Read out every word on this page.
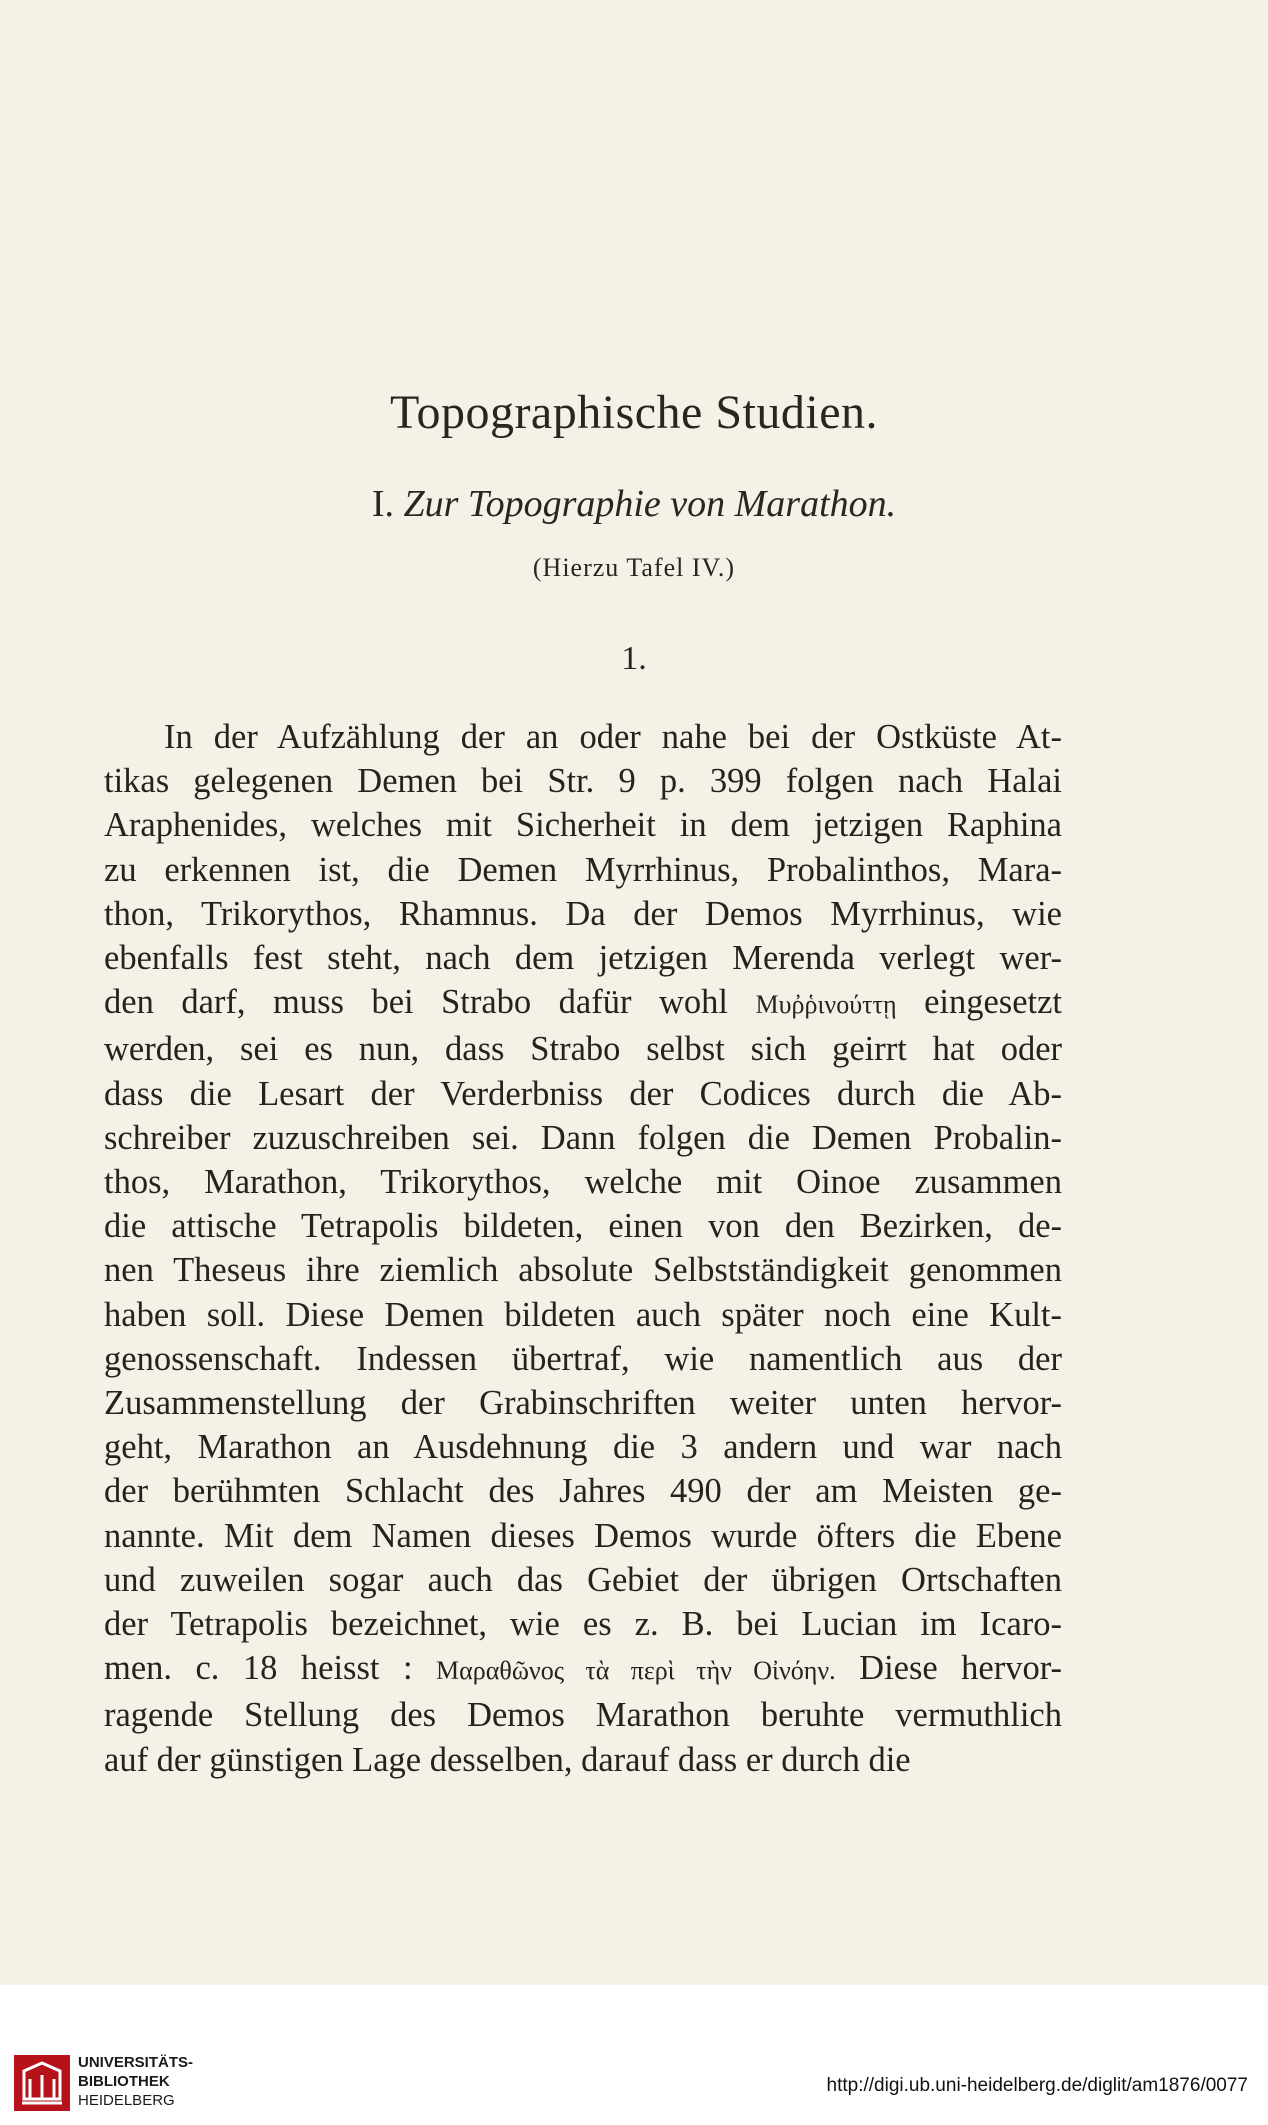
Topographische Studien.
I. Zur Topographie von Marathon.
(Hierzu Tafel IV.)
1.
In der Aufzählung der an oder nahe bei der Ostküste At-
tikas gelegenen Demen bei Str. 9 p. 399 folgen nach Halai
Araphenides, welches mit Sicherheit in dem jetzigen Raphina
zu erkennen ist, die Demen Myrrhinus, Probalinthos, Mara-
thon, Trikorythos, Rhamnus. Da der Demos Myrrhinus, wie
ebenfalls fest steht, nach dem jetzigen Merenda verlegt wer-
den darf, muss bei Strabo dafür wohl Μυῤῥινούττῃ eingesetzt
werden, sei es nun, dass Strabo selbst sich geirrt hat oder
dass die Lesart der Verderbniss der Codices durch die Ab-
schreiber zuzuschreiben sei. Dann folgen die Demen Probalin-
thos, Marathon, Trikorythos, welche mit Oinoe zusammen
die attische Tetrapolis bildeten, einen von den Bezirken, de-
nen Theseus ihre ziemlich absolute Selbstständigkeit genommen
haben soll. Diese Demen bildeten auch später noch eine Kult-
genossenschaft. Indessen übertraf, wie namentlich aus der
Zusammenstellung der Grabinschriften weiter unten hervor-
geht, Marathon an Ausdehnung die 3 andern und war nach
der berühmten Schlacht des Jahres 490 der am Meisten ge-
nannte. Mit dem Namen dieses Demos wurde öfters die Ebene
und zuweilen sogar auch das Gebiet der übrigen Ortschaften
der Tetrapolis bezeichnet, wie es z. B. bei Lucian im Icaro-
men. c. 18 heisst : Μαραθῶνος τὰ περὶ τὴν Οἰνόην. Diese hervor-
ragende Stellung des Demos Marathon beruhte vermuthlich
auf der günstigen Lage desselben, darauf dass er durch die
UNIVERSITÄTS-
BIBLIOTHEK
HEIDELBERG
http://digi.ub.uni-heidelberg.de/diglit/am1876/0077
